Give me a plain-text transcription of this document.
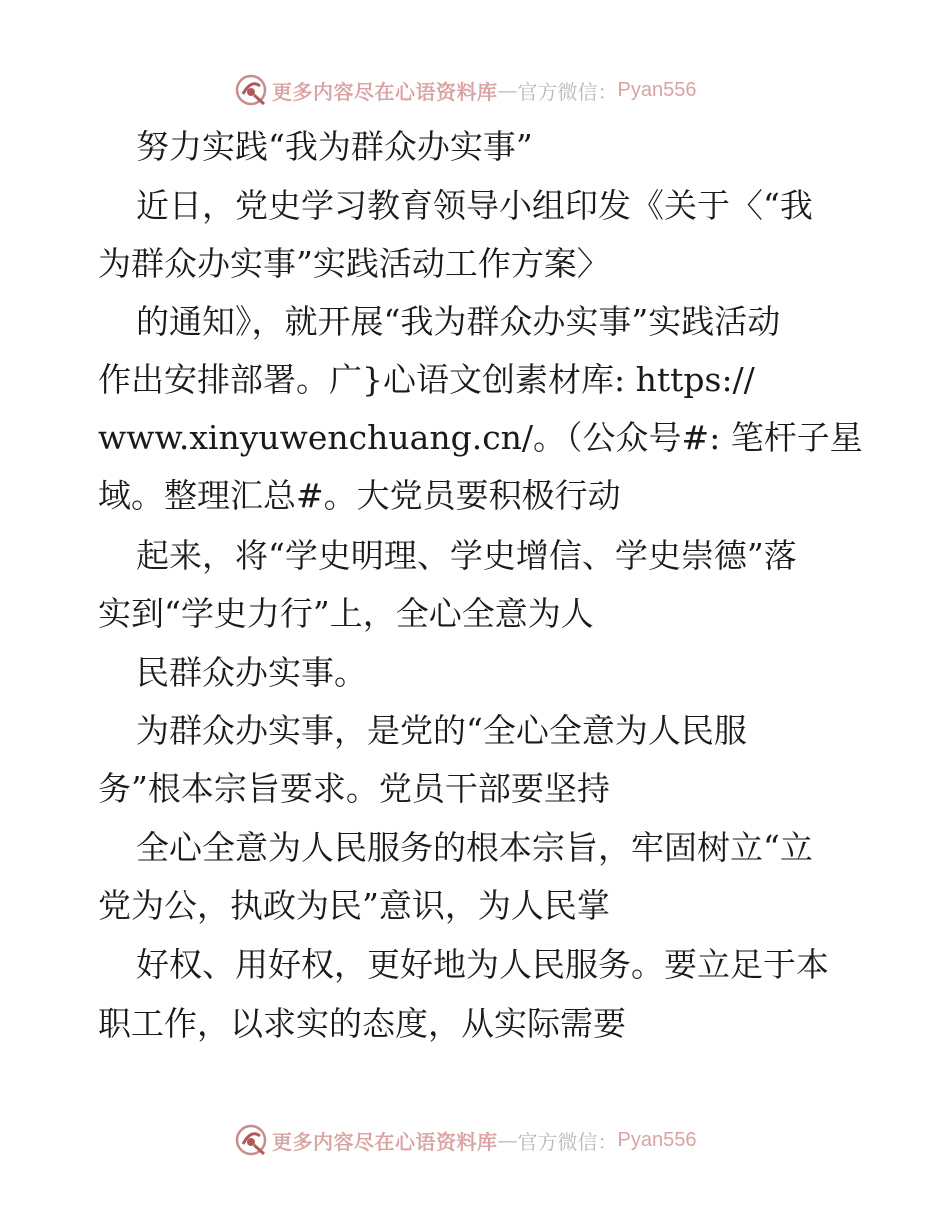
更多内容尽在心语资料库 — 官方微信： Pyan556
努力实践“我为群众办实事”
近日，党史学习教育领导小组印发《关于〈“我
为群众办实事”实践活动工作方案〉
的通知》，就开展“我为群众办实事”实践活动
作出安排部署。广}心语文创素材库: https://
www.xinyuwenchuang.cn/。（公众号#: 笔杆子星
域。整理汇总#。大党员要积极行动
起来，将“学史明理、学史增信、学史崇德”落
实到“学史力行”上，全心全意为人
民群众办实事。
为群众办实事，是党的“全心全意为人民服
务”根本宗旨要求。党员干部要坚持
全心全意为人民服务的根本宗旨，牢固树立“立
党为公，执政为民”意识，为人民掌
好权、用好权，更好地为人民服务。要立足于本
职工作，以求实的态度，从实际需要
更多内容尽在心语资料库 — 官方微信： Pyan556
